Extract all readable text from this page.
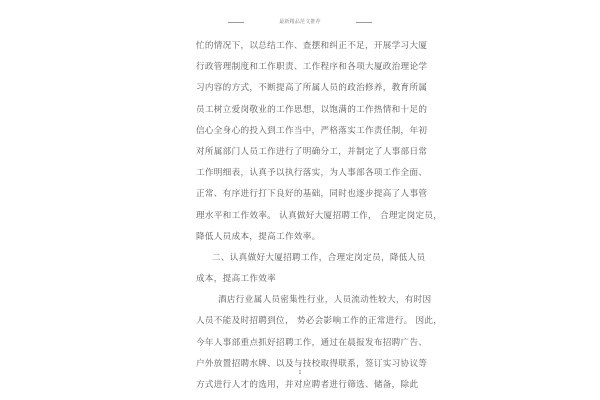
最新精品范文推荐
忙的情况下，以总结工作、查摆和纠正不足，开展学习大厦
行政管理制度和工作职责、工作程序和各项大厦政治理论学
习内容的方式，不断提高了所属人员的政治修养，教育所属
员工树立爱岗敬业的工作思想，以饱满的工作热情和十足的
信心全身心的投入到工作当中，严格落实工作责任制，年初
对所属部门人员工作进行了明确分工，并制定了人事部日常
工作明细表，认真予以执行落实，为人事部各项工作全面、
正常、有序进行打下良好的基础，同时也逐步提高了人事管
理水平和工作效率。 认真做好大厦招聘工作， 合理定岗定员，
降低人员成本，提高工作效率。
二、认真做好大厦招聘工作，合理定岗定员，降低人员
成本，提高工作效率
酒店行业属人员密集性行业，人员流动性较大，有时因
人员不能及时招聘到位， 势必会影响工作的正常进行。 因此，
今年人事部重点抓好招聘工作，通过在晨报发布招聘广告、
户外放置招聘水牌、以及与技校取得联系，签订实习协议等
方式进行人才的选用，并对应聘者进行筛选、储备，除此
1
